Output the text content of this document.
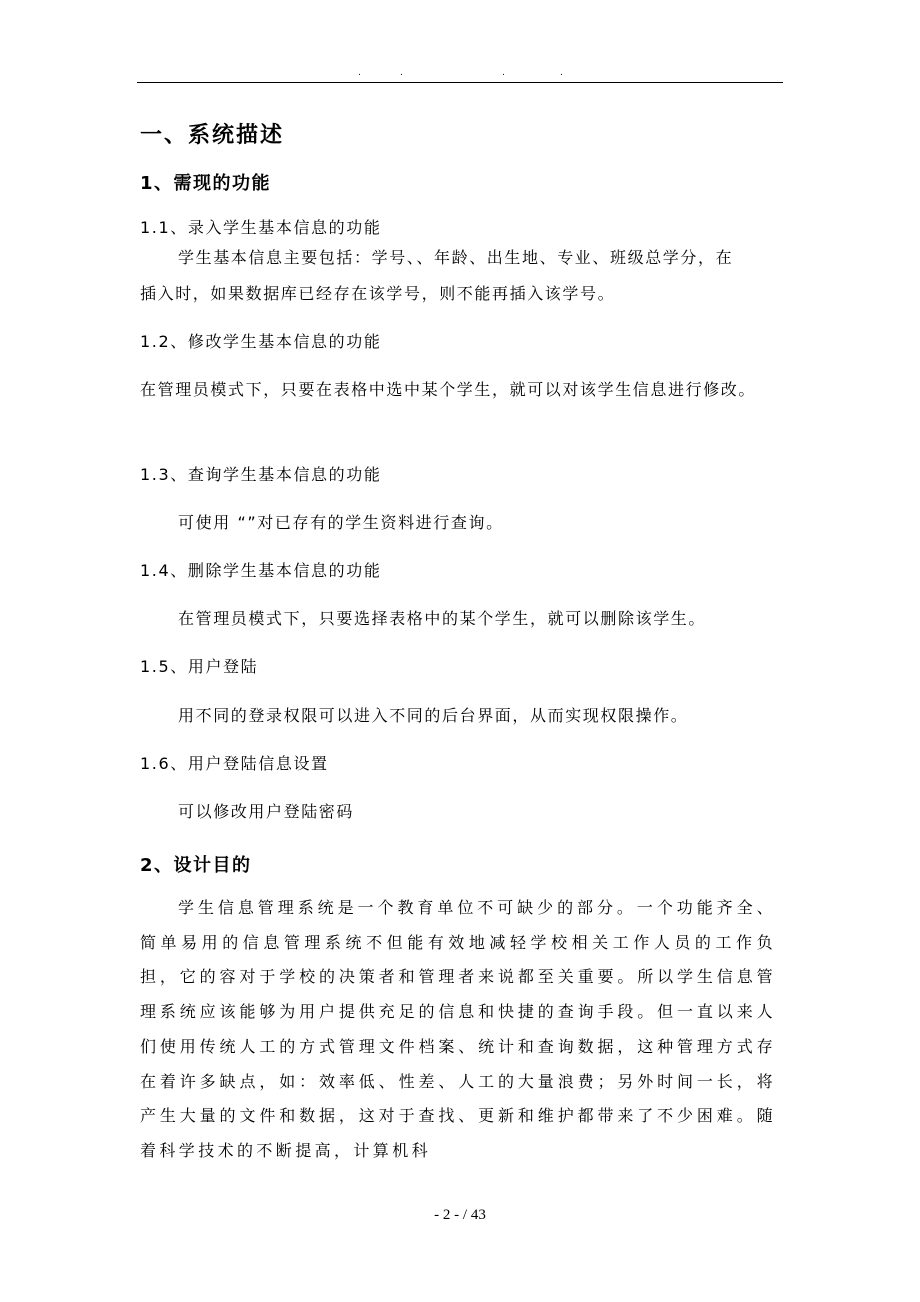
.	.	.	.
一、系统描述
1、需现的功能
1.1、录入学生基本信息的功能
学生基本信息主要包括：学号、、年龄、出生地、专业、班级总学分，在
插入时，如果数据库已经存在该学号，则不能再插入该学号。
1.2、修改学生基本信息的功能
在管理员模式下，只要在表格中选中某个学生，就可以对该学生信息进行修改。
1.3、查询学生基本信息的功能
可使用 “”对已存有的学生资料进行查询。
1.4、删除学生基本信息的功能
在管理员模式下，只要选择表格中的某个学生，就可以删除该学生。
1.5、用户登陆
用不同的登录权限可以进入不同的后台界面，从而实现权限操作。
1.6、用户登陆信息设置
可以修改用户登陆密码
2、设计目的
学生信息管理系统是一个教育单位不可缺少的部分。一个功能齐全、简单易用的信息管理系统不但能有效地减轻学校相关工作人员的工作负担，它的容对于学校的决策者和管理者来说都至关重要。所以学生信息管理系统应该能够为用户提供充足的信息和快捷的查询手段。但一直以来人们使用传统人工的方式管理文件档案、统计和查询数据，这种管理方式存在着许多缺点，如：效率低、性差、人工的大量浪费；另外时间一长，将产生大量的文件和数据，这对于查找、更新和维护都带来了不少困难。随着科学技术的不断提高，计算机科
- 2 - / 43
